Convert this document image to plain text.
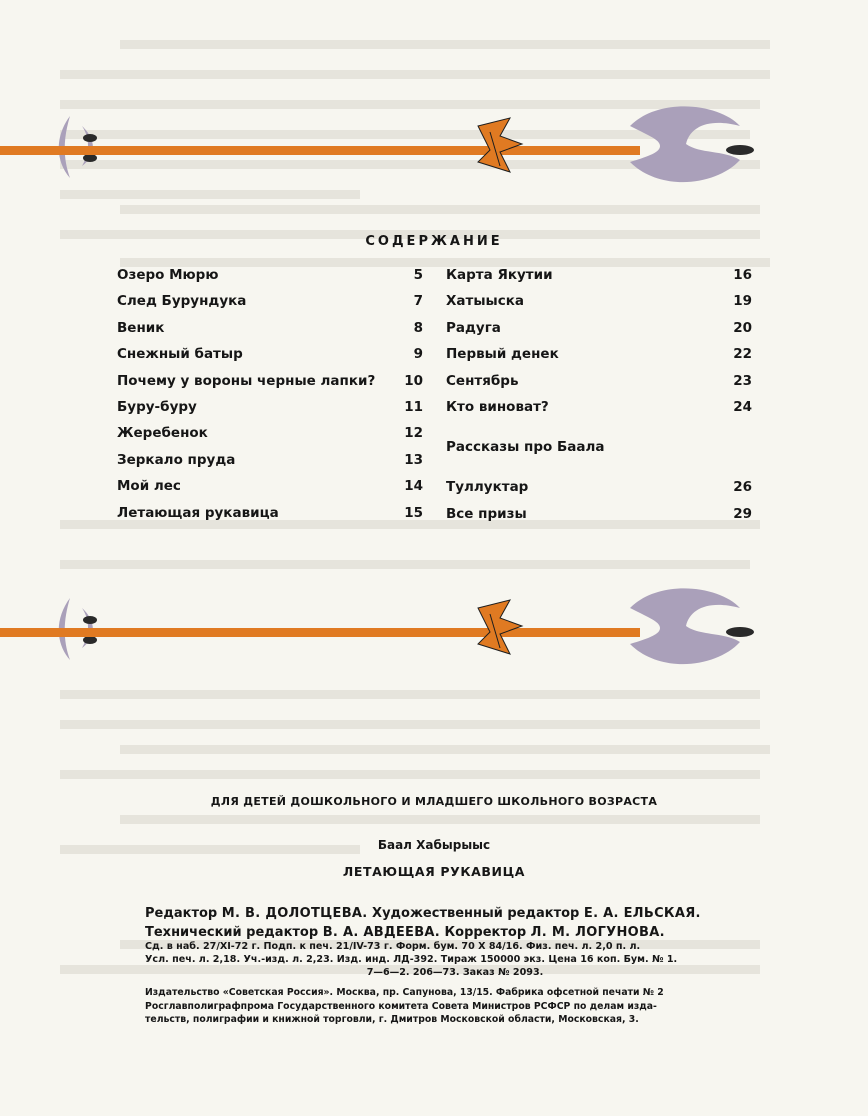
СОДЕРЖАНИЕ
Озеро Мюрю	5
След Бурундука	7
Веник	8
Снежный батыр	9
Почему у вороны черные лапки? 10
Буру-буру	11
Жеребенок	12
Зеркало пруда	13
Мой лес	14
Летающая рукавица	15
Карта Якутии	16
Хатыыска	19
Радуга	20
Первый денек	22
Сентябрь	23
Кто виноват?	24
Рассказы про Баала
Туллуктар	26
Все призы	29
ДЛЯ ДЕТЕЙ ДОШКОЛЬНОГО И МЛАДШЕГО ШКОЛЬНОГО ВОЗРАСТА
Баал Хабырыыс
ЛЕТАЮЩАЯ РУКАВИЦА
Редактор М. В. ДОЛОТЦЕВА. Художественный редактор Е. А. ЕЛЬСКАЯ.
Технический редактор В. А. АВДЕЕВА. Корректор Л. М. ЛОГУНОВА.
Сд. в наб. 27/XI-72 г. Подп. к печ. 21/IV-73 г. Форм. бум. 70 X 84/16. Физ. печ. л. 2,0 п. л.
Усл. печ. л. 2,18. Уч.-изд. л. 2,23. Изд. инд. ЛД-392. Тираж 150000 экз. Цена 16 коп. Бум. № 1.
7—6—2. 206—73. Заказ № 2093.
Издательство «Советская Россия». Москва, пр. Сапунова, 13/15. Фабрика офсетной печати № 2
Росглавполиграфпрома Государственного комитета Совета Министров РСФСР по делам изда-
тельств, полиграфии и книжной торговли, г. Дмитров Московской области, Московская, 3.
